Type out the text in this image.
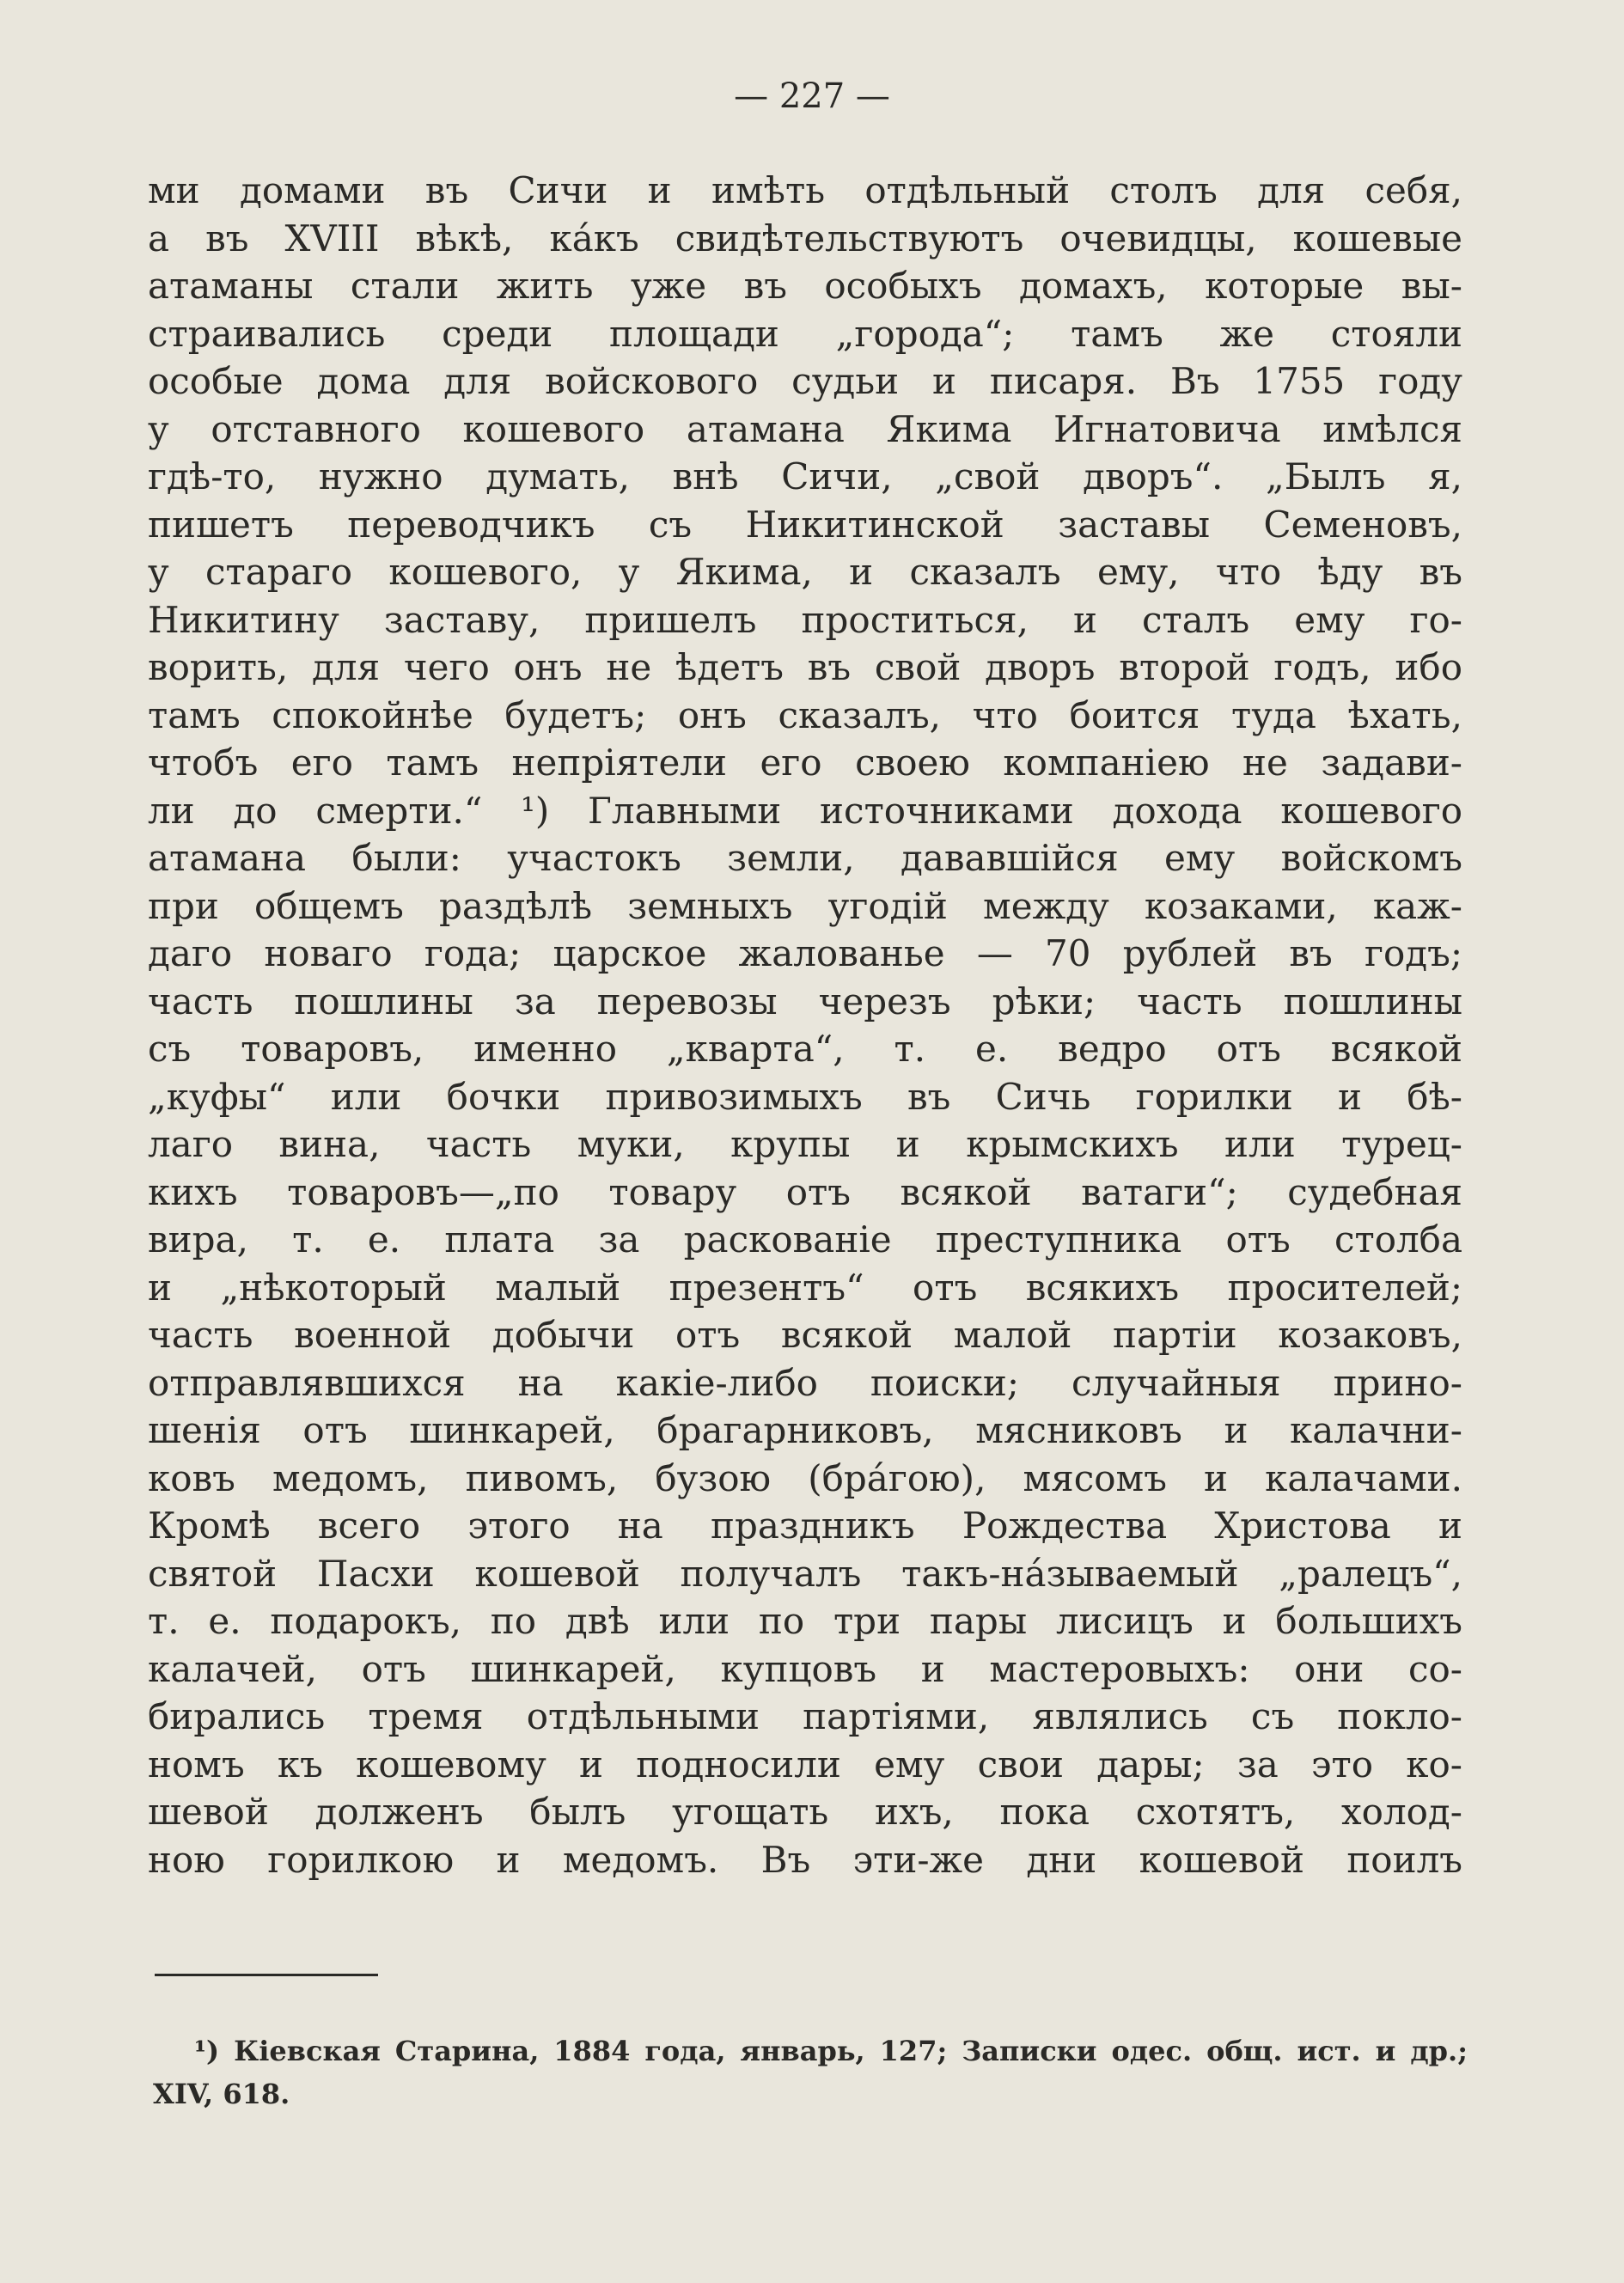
— 227 —
ми домами въ Сичи и имѣть отдѣльный столъ для себя,
а въ XVIII вѣкѣ, ка́къ свидѣтельствуютъ очевидцы, кошевые
атаманы стали жить уже въ особыхъ домахъ, которые вы-
страивались среди площади „города“; тамъ же стояли
особые дома для войскового судьи и писаря. Въ 1755 году
у отставного кошевого атамана Якима Игнатовича имѣлся
гдѣ-то, нужно думать, внѣ Сичи, „свой дворъ“. „Былъ я,
пишетъ переводчикъ съ Никитинской заставы Семеновъ,
у стараго кошевого, у Якима, и сказалъ ему, что ѣду въ
Никитину заставу, пришелъ проститься, и сталъ ему го-
ворить, для чего онъ не ѣдетъ въ свой дворъ второй годъ, ибо
тамъ спокойнѣе будетъ; онъ сказалъ, что боится туда ѣхать,
чтобъ его тамъ непріятели его своею компаніею не задави-
ли до смерти.“ ¹) Главными источниками дохода кошевого
атамана были: участокъ земли, дававшійся ему войскомъ
при общемъ раздѣлѣ земныхъ угодій между козаками, каж-
даго новаго года; царское жалованье — 70 рублей въ годъ;
часть пошлины за перевозы черезъ рѣки; часть пошлины
съ товаровъ, именно „кварта“, т. е. ведро отъ всякой
„куфы“ или бочки привозимыхъ въ Сичь горилки и бѣ-
лаго вина, часть муки, крупы и крымскихъ или турец-
кихъ товаровъ—„по товару отъ всякой ватаги“; судебная
вира, т. е. плата за раскованіе преступника отъ столба
и „нѣкоторый малый презентъ“ отъ всякихъ просителей;
часть военной добычи отъ всякой малой партіи козаковъ,
отправлявшихся на какіе-либо поиски; случайныя прино-
шенія отъ шинкарей, брагарниковъ, мясниковъ и калачни-
ковъ медомъ, пивомъ, бузою (бра́гою), мясомъ и калачами.
Кромѣ всего этого на праздникъ Рождества Христова и
святой Пасхи кошевой получалъ такъ-на́зываемый „ралецъ“,
т. е. подарокъ, по двѣ или по три пары лисицъ и большихъ
калачей, отъ шинкарей, купцовъ и мастеровыхъ: они со-
бирались тремя отдѣльными партіями, являлись съ покло-
номъ къ кошевому и подносили ему свои дары; за это ко-
шевой долженъ былъ угощать ихъ, пока схотятъ, холод-
ною горилкою и медомъ. Въ эти-же дни кошевой поилъ
¹) Кіевская Старина, 1884 года, январь, 127; Записки одес. общ. ист. и др.;
XIV, 618.
